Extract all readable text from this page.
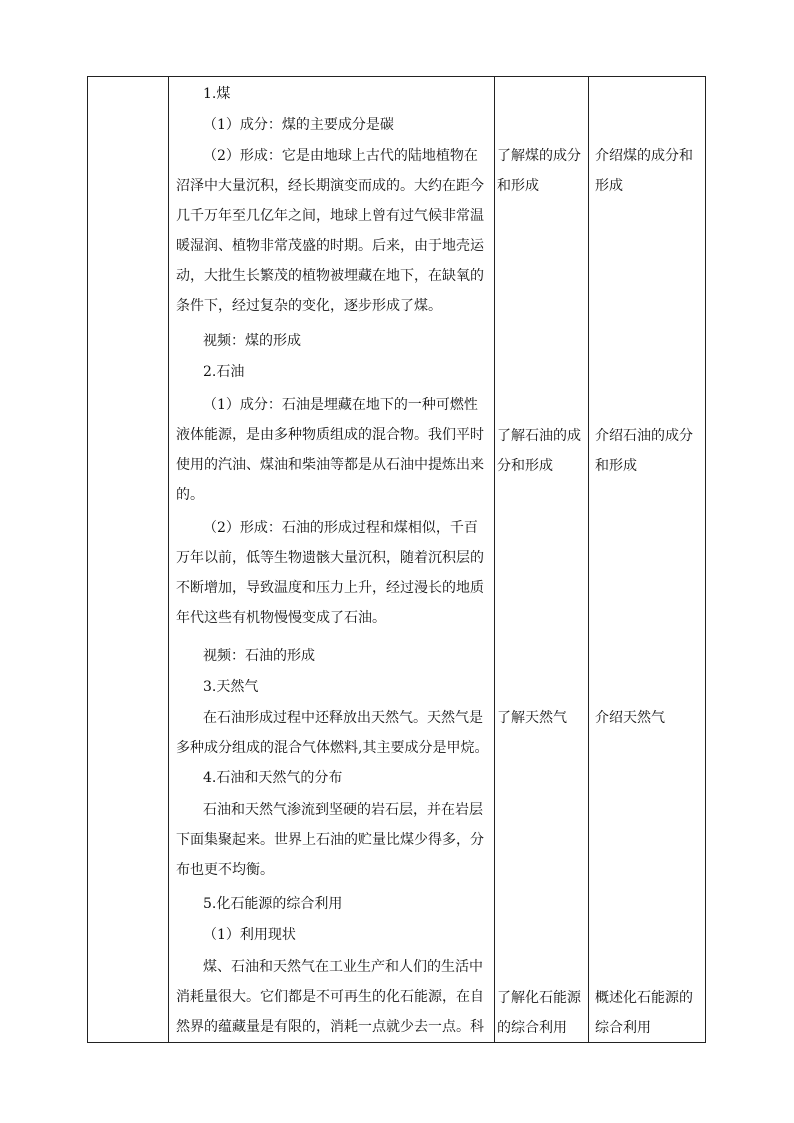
1.煤

（1）成分：煤的主要成分是碳

（2）形成：它是由地球上古代的陆地植物在
沼泽中大量沉积，经长期演变而成的。大约在距今
几千万年至几亿年之间，地球上曾有过气候非常温
暖湿润、植物非常茂盛的时期。后来，由于地壳运
动，大批生长繁茂的植物被埋藏在地下，在缺氧的
条件下，经过复杂的变化，逐步形成了煤。

视频：煤的形成

2.石油

（1）成分：石油是埋藏在地下的一种可燃性
液体能源，是由多种物质组成的混合物。我们平时
使用的汽油、煤油和柴油等都是从石油中提炼出来
的。

（2）形成：石油的形成过程和煤相似，千百
万年以前，低等生物遗骸大量沉积，随着沉积层的
不断增加，导致温度和压力上升，经过漫长的地质
年代这些有机物慢慢变成了石油。

视频：石油的形成

3.天然气

在石油形成过程中还释放出天然气。天然气是
多种成分组成的混合气体燃料,其主要成分是甲烷。

4.石油和天然气的分布

石油和天然气渗流到坚硬的岩石层，并在岩层
下面集聚起来。世界上石油的贮量比煤少得多，分
布也更不均衡。

5.化石能源的综合利用

（1）利用现状

煤、石油和天然气在工业生产和人们的生活中
消耗量很大。它们都是不可再生的化石能源，在自
然界的蕴藏量是有限的，消耗一点就少去一点。科

了解煤的成分
和形成

了解石油的成
分和形成

了解天然气

了解化石能源
的综合利用

介绍煤的成分和
形成

介绍石油的成分
和形成

介绍天然气

概述化石能源的
综合利用
